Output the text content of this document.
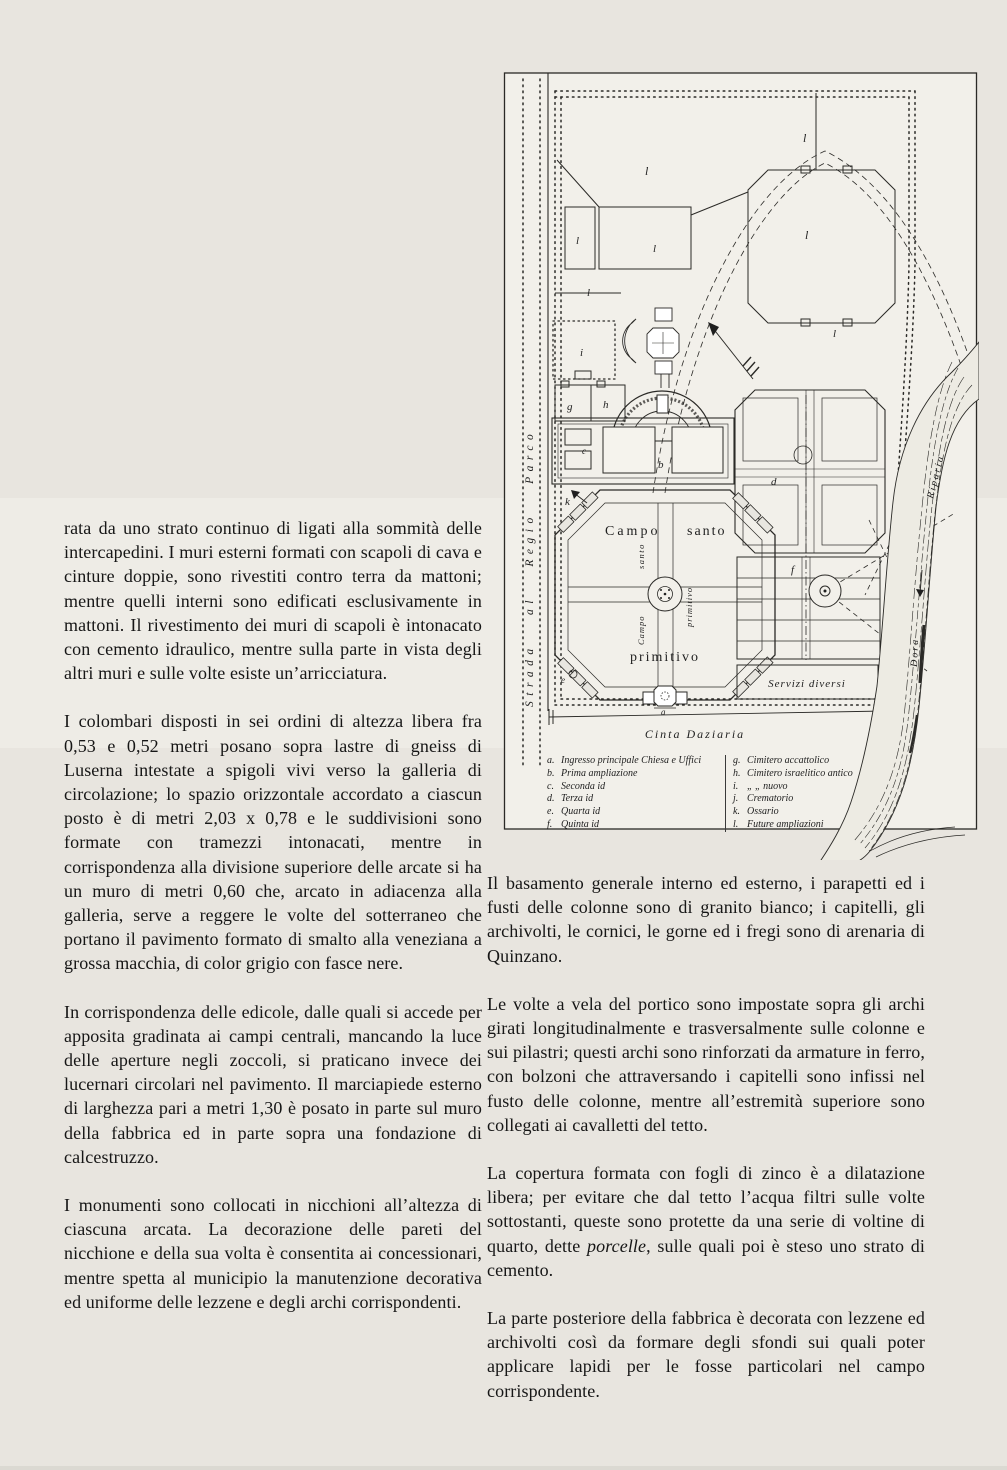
rata da uno strato continuo di ligati alla sommità delle intercapedini. I muri esterni formati con scapoli di cava e cinture doppie, sono rivestiti contro terra da mattoni; mentre quelli interni sono edificati esclusivamente in mattoni. Il rivestimento dei muri di scapoli è intonacato con cemento idraulico, mentre sulla parte in vista degli altri muri e sulle volte esiste un’arricciatura.

I colombari disposti in sei ordini di altezza libera fra 0,53 e 0,52 metri posano sopra lastre di gneiss di Luserna intestate a spigoli vivi verso la galleria di circolazione; lo spazio orizzontale accordato a ciascun posto è di metri 2,03 x 0,78 e le suddivisioni sono formate con tramezzi intonacati, mentre in corrispondenza alla divisione superiore delle arcate si ha un muro di metri 0,60 che, arcato in adiacenza alla galleria, serve a reggere le volte del sotterraneo che portano il pavimento formato di smalto alla veneziana a grossa macchia, di color grigio con fasce nere.

In corrispondenza delle edicole, dalle quali si accede per apposita gradinata ai campi centrali, mancando la luce delle aperture negli zoccoli, si praticano invece dei lucernari circolari nel pavimento. Il marciapiede esterno di larghezza pari a metri 1,30 è posato in parte sul muro della fabbrica ed in parte sopra una fondazione di calcestruzzo.

I monumenti sono collocati in nicchioni all’altezza di ciascuna arcata. La decorazione delle pareti del nicchione e della sua volta è consentita ai concessionari, mentre spetta al municipio la manutenzione decorativa ed uniforme delle lezzene e degli archi corrispondenti.

Il basamento generale interno ed esterno, i parapetti ed i fusti delle colonne sono di granito bianco; i capitelli, gli archivolti, le cornici, le gorne ed i fregi sono di arenaria di Quinzano.

Le volte a vela del portico sono impostate sopra gli archi girati longitudinalmente e trasversalmente sulle colonne e sui pilastri; questi archi sono rinforzati da armature in ferro, con bolzoni che attraversando i capitelli sono infissi nel fusto delle colonne, mentre all’estremità superiore sono collegati ai cavalletti del tetto.

La copertura formata con fogli di zinco è a dilatazione libera; per evitare che dal tetto l’acqua filtri sulle volte sottostanti, queste sono protette da una serie di voltine di quarto, dette porcelle, sulle quali poi è steso uno strato di cemento.

La parte posteriore della fabbrica è decorata con lezzene ed archivolti così da formare degli sfondi sui quali poter applicare lapidi per le fosse particolari nel campo corrispondente.

Strada al Regio Parco
l
l
l
l
l
l
l
i
g	h
b
c
d
e
f
k
a
Campo santo
primitivo
santo
primitivo
Campo
Servizi diversi
Cinta Daziaria
Riparia
Dora
a. Ingresso principale Chiesa e Uffici
b. Prima ampliazione
c. Seconda id
d. Terza id
e. Quarta id
f. Quinta id
g. Cimitero accattolico
h. Cimitero israelitico antico
i. „ „ nuovo
j. Crematorio
k. Ossario
l. Future ampliazioni
